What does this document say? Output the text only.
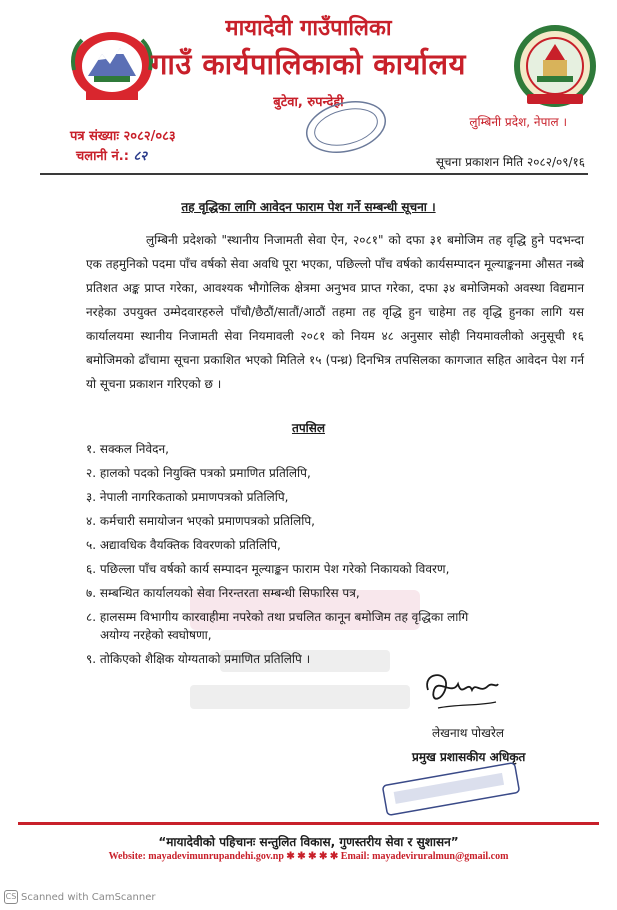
मायादेवी गाउँपालिका
गाउँ कार्यपालिकाको कार्यालय
बुटेवा, रुपन्देही
लुम्बिनी प्रदेश, नेपाल ।
पत्र संख्याः २०८२/०८३
चलानी नं.: ८२	सूचना प्रकाशन मिति २०८२/०९/१६
तह वृद्धिका लागि आवेदन फाराम पेश गर्ने सम्बन्धी सूचना ।
लुम्बिनी प्रदेशको "स्थानीय निजामती सेवा ऐन, २०८१" को दफा ३१ बमोजिम तह वृद्धि हुने पदभन्दा एक तहमुनिको पदमा पाँच वर्षको सेवा अवधि पूरा भएका, पछिल्लो पाँच वर्षको कार्यसम्पादन मूल्याङ्कनमा औसत नब्बे प्रतिशत अङ्क प्राप्त गरेका, आवश्यक भौगोलिक क्षेत्रमा अनुभव प्राप्त गरेका, दफा ३४ बमोजिमको अवस्था विद्यमान नरहेका उपयुक्त उम्मेदवारहरुले पाँचौ/छैठौं/सातौं/आठौं तहमा तह वृद्धि हुन चाहेमा तह वृद्धि हुनका लागि यस कार्यालयमा स्थानीय निजामती सेवा नियमावली २०८१ को नियम ४८ अनुसार सोही नियमावलीको अनुसूची १६ बमोजिमको ढाँचामा सूचना प्रकाशित भएको मितिले १५ (पन्ध्र) दिनभित्र तपसिलका कागजात सहित आवेदन पेश गर्न यो सूचना प्रकाशन गरिएको छ ।
तपसिल
१. सक्कल निवेदन,
२. हालको पदको नियुक्ति पत्रको प्रमाणित प्रतिलिपि,
३. नेपाली नागरिकताको प्रमाणपत्रको प्रतिलिपि,
४. कर्मचारी समायोजन भएको प्रमाणपत्रको प्रतिलिपि,
५. अद्यावधिक वैयक्तिक विवरणको प्रतिलिपि,
६. पछिल्ला पाँच वर्षको कार्य सम्पादन मूल्याङ्कन फाराम पेश गरेको निकायको विवरण,
७. सम्बन्धित कार्यालयको सेवा निरन्तरता सम्बन्धी सिफारिस पत्र,
८. हालसम्म विभागीय कारवाहीमा नपरेको तथा प्रचलित कानून बमोजिम तह वृद्धिका लागि
अयोग्य नरहेको स्वघोषणा,
९. तोकिएको शैक्षिक योग्यताको प्रमाणित प्रतिलिपि ।
लेखनाथ पोखरेल
प्रमुख प्रशासकीय अधिकृत
“मायादेवीको पहिचानः सन्तुलित विकास, गुणस्तरीय सेवा र सुशासन”
Website: mayadevimunrupandehi.gov.np ✱ ✱ ✱ ✱ ✱ Email: mayadeviruralmun@gmail.com
CS Scanned with CamScanner
